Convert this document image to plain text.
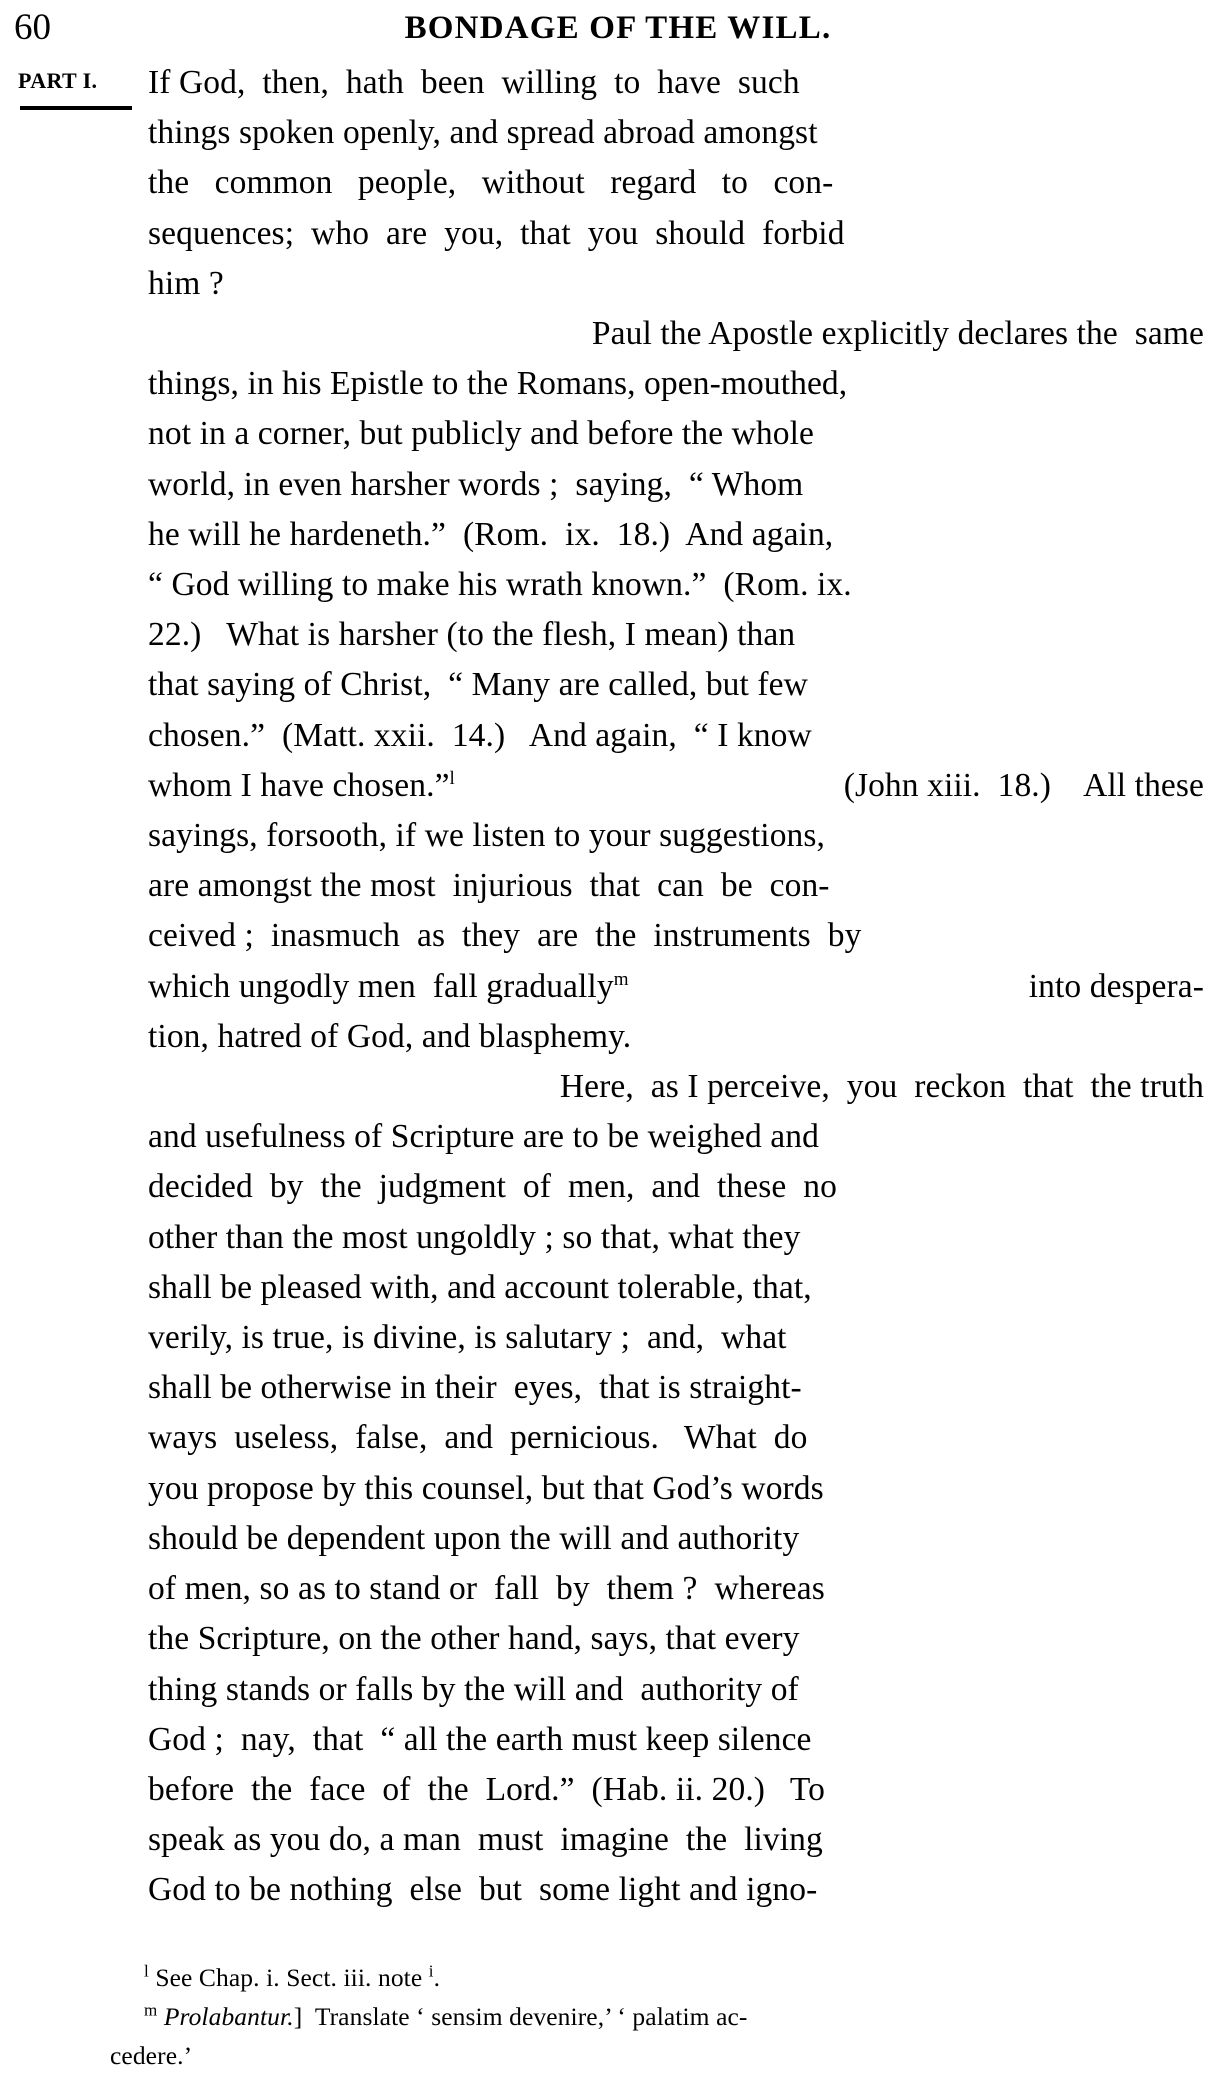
60	BONDAGE OF THE WILL.
PART I.	If God,  then,  hath  been  willing  to  have  such
things spoken openly, and spread abroad amongst
the   common   people,   without   regard   to   con-
sequences;  who  are  you,  that  you  should  forbid
him ?

Paul the Apostle explicitly declares the  same
things, in his Epistle to the Romans, open-mouthed,
not in a corner, but publicly and before the whole
world, in even harsher words ;  saying,  “ Whom
he will he hardeneth.”  (Rom.  ix.  18.)  And again,
“ God willing to make his wrath known.”  (Rom. ix.
22.)   What is harsher (to the flesh, I mean) than
that saying of Christ,  “ Many are called, but few
chosen.”  (Matt. xxii.  14.)   And again,  “ I know
whom I have chosen.”$^l$	(John xiii.  18.)    All these
sayings, forsooth, if we listen to your suggestions,
are amongst the most  injurious  that  can  be  con-
ceived ;  inasmuch  as  they  are  the  instruments  by
which ungodly men  fall gradually$^m$	into despera-
tion, hatred of God, and blasphemy.

Here,  as I perceive,  you  reckon  that  the truth
and usefulness of Scripture are to be weighed and
decided  by  the  judgment  of  men,  and  these  no
other than the most ungoldly ; so that, what they
shall be pleased with, and account tolerable, that,
verily, is true, is divine, is salutary ;  and,  what
shall be otherwise in their  eyes,  that is straight-
ways  useless,  false,  and  pernicious.   What  do
you propose by this counsel, but that God’s words
should be dependent upon the will and authority
of men, so as to stand or  fall  by  them ?  whereas
the Scripture, on the other hand, says, that every
thing stands or falls by the will and  authority of
God ;  nay,  that  “ all the earth must keep silence
before  the  face  of  the  Lord.”  (Hab. ii. 20.)   To
speak as you do, a man  must  imagine  the  living
God to be nothing  else  but  some light and igno-

$^l$ See Chap. i. Sect. iii. note $^i$.

$^m$ Prolabantur.] Translate ‘ sensim devenire,’ ‘ palatim ac-
cedere.’
